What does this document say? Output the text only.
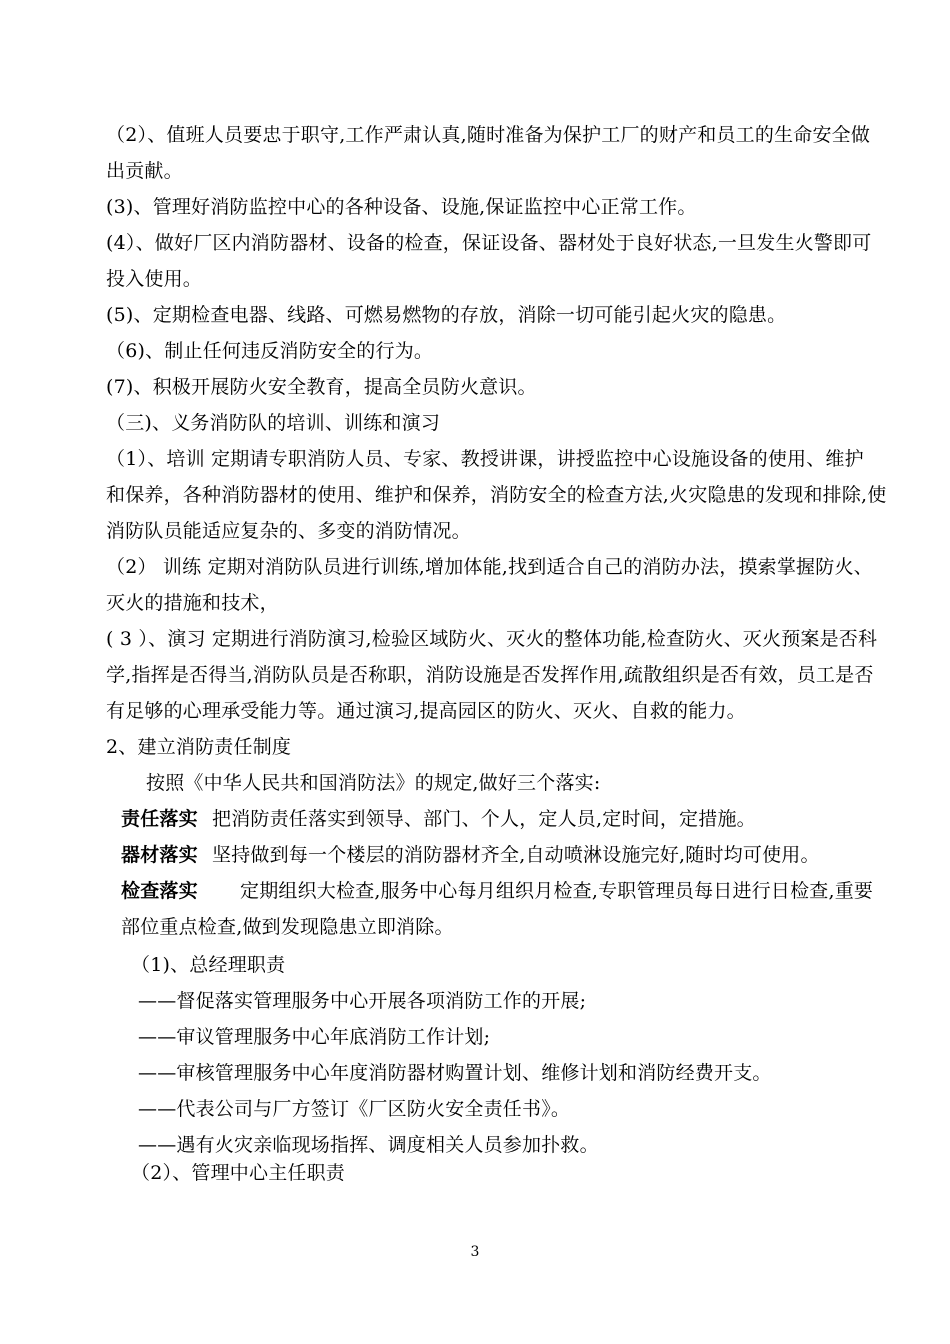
（2）、值班人员要忠于职守,工作严肃认真,随时准备为保护工厂的财产和员工的生命安全做
出贡献。
(3)、管理好消防监控中心的各种设备、设施,保证监控中心正常工作。
(4）、做好厂区内消防器材、设备的检查，保证设备、器材处于良好状态,一旦发生火警即可
投入使用。
(5)、定期检查电器、线路、可燃易燃物的存放，消除一切可能引起火灾的隐患。
（6)、制止任何违反消防安全的行为。
(7)、积极开展防火安全教育，提高全员防火意识。
（三)、义务消防队的培训、训练和演习
（1）、培训 定期请专职消防人员、专家、教授讲课，讲授监控中心设施设备的使用、维护
和保养，各种消防器材的使用、维护和保养，消防安全的检查方法,火灾隐患的发现和排除,使
消防队员能适应复杂的、多变的消防情况。
（2） 训练 定期对消防队员进行训练,增加体能,找到适合自己的消防办法，摸索掌握防火、
灭火的措施和技术，
( 3 ）、演习 定期进行消防演习,检验区域防火、灭火的整体功能,检查防火、灭火预案是否科
学,指挥是否得当,消防队员是否称职，消防设施是否发挥作用,疏散组织是否有效，员工是否
有足够的心理承受能力等。通过演习,提高园区的防火、灭火、自救的能力。
2、建立消防责任制度
按照《中华人民共和国消防法》的规定,做好三个落实:
责任落实 把消防责任落实到领导、部门、个人，定人员,定时间，定措施。
器材落实 坚持做到每一个楼层的消防器材齐全,自动喷淋设施完好,随时均可使用。
检查落实 定期组织大检查,服务中心每月组织月检查,专职管理员每日进行日检查,重要
部位重点检查,做到发现隐患立即消除。
（1)、总经理职责
——督促落实管理服务中心开展各项消防工作的开展;
——审议管理服务中心年底消防工作计划;
——审核管理服务中心年度消防器材购置计划、维修计划和消防经费开支。
——代表公司与厂方签订《厂区防火安全责任书》。
——遇有火灾亲临现场指挥、调度相关人员参加扑救。
（2）、管理中心主任职责
3
